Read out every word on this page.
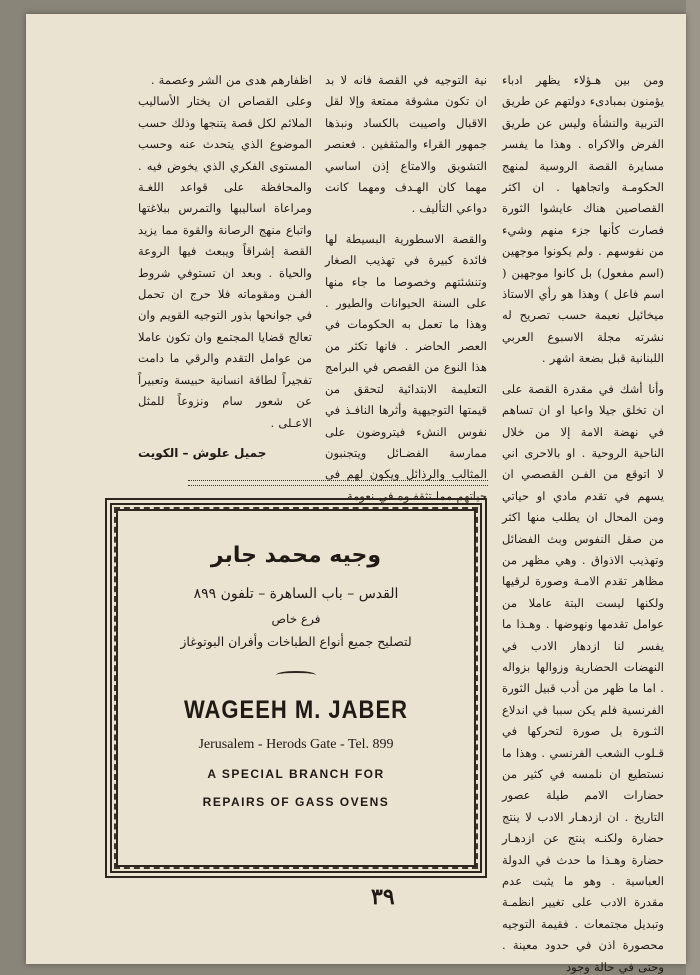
ومن بين هـؤلاء يظهر ادباء يؤمنون بمبادىء دولتهم عن طريق التربية والنشأة وليس عن طريق الفرض والاكراه . وهذا ما يفسر مسايرة القصة الروسية لمنهج الحكومـة واتجاهها . ان اكثر القصاصين هناك عايشوا الثورة فصارت كأنها جزء منهم وشيء من نفوسهم . ولم يكونوا موجهين (اسم مفعول) بل كانوا موجهين ( اسم فاعل ) وهذا هو رأي الاستاذ ميخائيل نعيمة حسب تصريح له نشرته مجلة الاسبوع العربي اللبنانية قبل بضعة اشهر .

وأنا أشك في مقدرة القصة على ان تخلق جيلا واعيا او ان تساهم في نهضة الامة إلا من خلال الناحية الروحية . او بالاحرى اني لا اتوقع من الفـن القصصي ان يسهم في تقدم مادي او حياتي ومن المحال ان يطلب منها اكثر من صقل النفوس وبث الفضائل وتهذيب الاذواق . وهي مظهر من مظاهر تقدم الامـة وصورة لرقيها ولكنها ليست البتة عاملا من عوامل تقدمها ونهوضها . وهـذا ما يفسر لنا ازدهار الادب في النهضات الحضارية وزوالها بزواله . اما ما ظهر من أدب قبيل الثورة الفرنسية فلم يكن سببا في اندلاع الثـورة بل صورة لتحركها في قـلوب الشعب الفرنسي . وهذا ما نستطيع ان نلمسه في كثير من حضارات الامم طيلة عصور التاريخ . ان ازدهـار الادب لا ينتج حضارة ولكنـه ينتج عن ازدهـار حضارة وهـذا ما حدث في الدولة العباسية . وهو ما يثبت عدم مقدرة الادب على تغيير انظمـة وتبديل مجتمعات . فقيمة التوجيه محصورة اذن في حدود معينة . وحتى في حالة وجود

نية التوجيه في القصة فانه لا بد ان تكون مشوقة ممتعة وإلا لقل الاقبال واصيبت بالكساد ونبذها جمهور القراء والمثقفين . فعنصر التشويق والامتاع إذن اساسي مهما كان الهـدف ومهما كانت دواعي التأليف .

والقصة الاسطورية البسيطة لها فائدة كبيرة في تهذيب الصغار وتنشئتهم وخصوصا ما جاء منها على السنة الحيوانات والطيور . وهذا ما تعمل به الحكومات في العصر الحاضر . فانها تكثر من هذا النوع من القصص في البرامج التعليمة الابتدائية لتحقق من قيمتها التوجيهية وأثرها النافـذ في نفوس النشء فيتروضون على ممارسة الفضـائل ويتجنبون المثالب والرذائل ويكون لهم في حياتهم مما تثقفـوه في نعومة

اظفارهم هدى من الشر وعصمة .

وعلى القصاص ان يختار الأساليب الملائم لكل قصة يتنجها وذلك حسب الموضوع الذي يتحدث عنه وحسب المستوى الفكري الذي يخوض فيه . والمحافظة على قواعد اللغـة ومراعاة اساليبها والتمرس ببلاغتها واتباع منهج الرصانة والقوة مما يزيد القصة إشراقاً ويبعث فيها الروعة والحياة . وبعد ان تستوفي شروط الفـن ومقوماته فلا حرج ان تحمل في جوانحها بذور التوجيه القويم وان تعالج قضايا المجتمع وان تكون عاملا من عوامل التقدم والرقي ما دامت تفجيراً لطاقة انسانية حبيسة وتعبيراً عن شعور سام ونزوعاً للمثل الاعـلى .

جميل علوش – الكويت
وجيه محمد جابر
القدس – باب الساهرة – تلفون ٨٩٩
فرع خاص
لتصليح جميع أنواع الطباخات وأفران البوتوغاز
WAGEEH M. JABER
Jerusalem - Herods Gate - Tel. 899
A SPECIAL BRANCH FOR
REPAIRS OF GASS OVENS
٣٩
